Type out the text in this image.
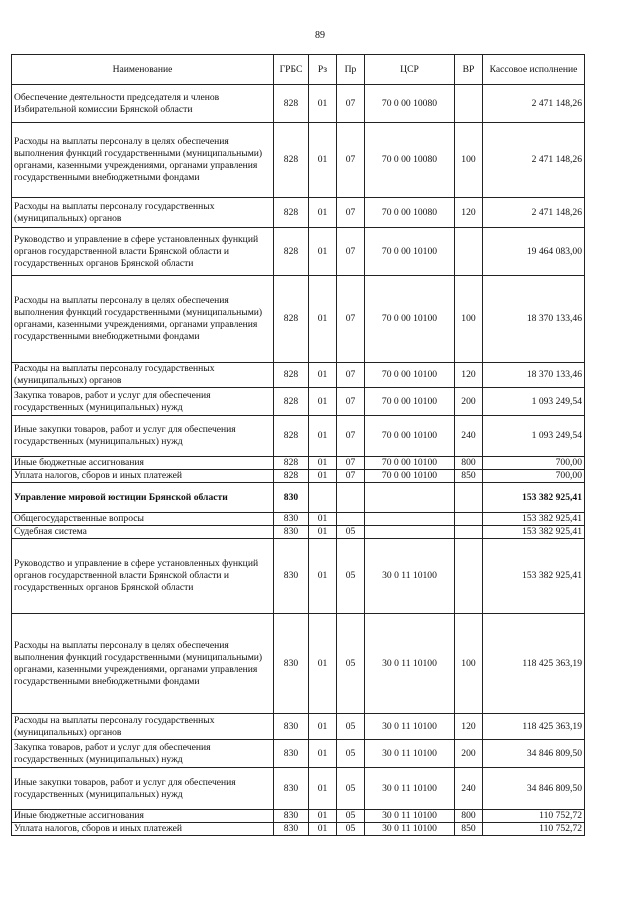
89
Наименование	ГРБС	Рз	Пр	ЦСР	ВР	Кассовое исполнение
Обеспечение деятельности председателя и членов Избирательной комиссии Брянской области	828	01	07	70 0 00 10080		2 471 148,26
Расходы на выплаты персоналу в целях обеспечения выполнения функций государственными (муниципальными) органами, казенными учреждениями, органами управления государственными внебюджетными фондами	828	01	07	70 0 00 10080	100	2 471 148,26
Расходы на выплаты персоналу государственных (муниципальных) органов	828	01	07	70 0 00 10080	120	2 471 148,26
Руководство и управление в сфере установленных функций органов государственной власти Брянской области и государственных органов Брянской области	828	01	07	70 0 00 10100		19 464 083,00
Расходы на выплаты персоналу в целях обеспечения выполнения функций государственными (муниципальными) органами, казенными учреждениями, органами управления государственными внебюджетными фондами	828	01	07	70 0 00 10100	100	18 370 133,46
Расходы на выплаты персоналу государственных (муниципальных) органов	828	01	07	70 0 00 10100	120	18 370 133,46
Закупка товаров, работ и услуг для обеспечения государственных (муниципальных) нужд	828	01	07	70 0 00 10100	200	1 093 249,54
Иные закупки товаров, работ и услуг для обеспечения государственных (муниципальных) нужд	828	01	07	70 0 00 10100	240	1 093 249,54
Иные бюджетные ассигнования	828	01	07	70 0 00 10100	800	700,00
Уплата налогов, сборов и иных платежей	828	01	07	70 0 00 10100	850	700,00
Управление мировой юстиции Брянской области	830					153 382 925,41
Общегосударственные вопросы	830	01				153 382 925,41
Судебная система	830	01	05			153 382 925,41
Руководство и управление в сфере установленных функций органов государственной власти Брянской области и государственных органов Брянской области	830	01	05	30 0 11 10100		153 382 925,41
Расходы на выплаты персоналу в целях обеспечения выполнения функций государственными (муниципальными) органами, казенными учреждениями, органами управления государственными внебюджетными фондами	830	01	05	30 0 11 10100	100	118 425 363,19
Расходы на выплаты персоналу государственных (муниципальных) органов	830	01	05	30 0 11 10100	120	118 425 363,19
Закупка товаров, работ и услуг для обеспечения государственных (муниципальных) нужд	830	01	05	30 0 11 10100	200	34 846 809,50
Иные закупки товаров, работ и услуг для обеспечения государственных (муниципальных) нужд	830	01	05	30 0 11 10100	240	34 846 809,50
Иные бюджетные ассигнования	830	01	05	30 0 11 10100	800	110 752,72
Уплата налогов, сборов и иных платежей	830	01	05	30 0 11 10100	850	110 752,72
